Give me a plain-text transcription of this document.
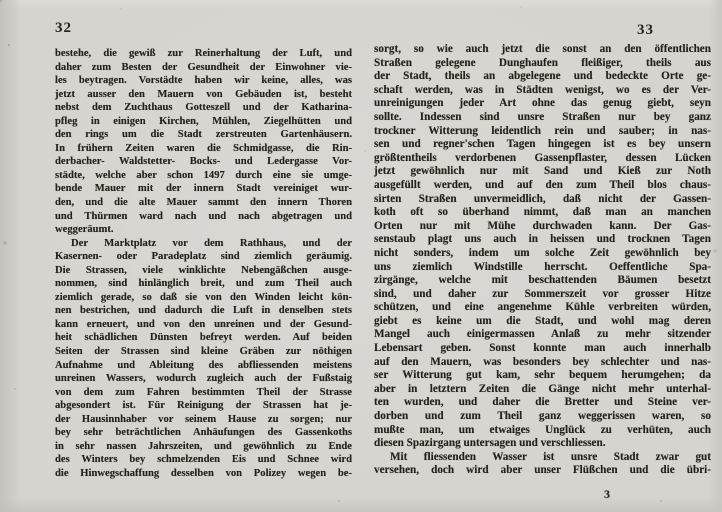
32
bestehe, die gewiß zur Reinerhaltung der Luft, und
daher zum Besten der Gesundheit der Einwohner vie-
les beytragen. Vorstädte haben wir keine, alles, was
jetzt ausser den Mauern von Gebäuden ist, besteht
nebst dem Zuchthaus Gotteszell und der Katharina-
pfleg in einigen Kirchen, Mühlen, Ziegelhütten und
den rings um die Stadt zerstreuten Gartenhäusern.
In frühern Zeiten waren die Schmidgasse, die Rin-
derbacher- Waldstetter- Bocks- und Ledergasse Vor-
städte, welche aber schon 1497 durch eine sie umge-
bende Mauer mit der innern Stadt vereiniget wur-
den, und die alte Mauer sammt den innern Thoren
und Thürmen ward nach und nach abgetragen und
weggeräumt.
Der Marktplatz vor dem Rathhaus, und der
Kasernen- oder Paradeplatz sind ziemlich geräumig.
Die Strassen, viele winklichte Nebengäßchen ausge-
nommen, sind hinlänglich breit, und zum Theil auch
ziemlich gerade, so daß sie von den Winden leicht kön-
nen bestrichen, und dadurch die Luft in denselben stets
kann erneuert, und von den unreinen und der Gesund-
heit schädlichen Dünsten befreyt werden. Auf beiden
Seiten der Strassen sind kleine Gräben zur nöthigen
Aufnahme und Ableitung des abfliessenden meistens
unreinen Wassers, wodurch zugleich auch der Fußstaig
von dem zum Fahren bestimmten Theil der Strasse
abgesondert ist. Für Reinigung der Strassen hat je-
der Hausinnhaber vor seinem Hause zu sorgen; nur
bey sehr beträchtlichen Anhäufungen des Gassenkoths
in sehr nassen Jahrszeiten, und gewöhnlich zu Ende
des Winters bey schmelzenden Eis und Schnee wird
die Hinwegschaffung desselben von Polizey wegen be-
33
sorgt, so wie auch jetzt die sonst an den öffentlichen
Straßen gelegene Dunghaufen fleißiger, theils aus
der Stadt, theils an abgelegene und bedeckte Orte ge-
schaft werden, was in Städten wenigst, wo es der Ver-
unreinigungen jeder Art ohne das genug giebt, seyn
sollte. Indessen sind unsre Straßen nur bey ganz
trockner Witterung leidentlich rein und sauber; in nas-
sen und regner'schen Tagen hingegen ist es bey unsern
größtentheils verdorbenen Gassenpflaster, dessen Lücken
jetzt gewöhnlich nur mit Sand und Kieß zur Noth
ausgefüllt werden, und auf den zum Theil blos chaus-
sirten Straßen unvermeidlich, daß nicht der Gassen-
koth oft so überhand nimmt, daß man an manchen
Orten nur mit Mühe durchwaden kann. Der Gas-
senstaub plagt uns auch in heissen und trocknen Tagen
nicht sonders, indem um solche Zeit gewöhnlich bey
uns ziemlich Windstille herrscht. Oeffentliche Spa-
zirgänge, welche mit beschattenden Bäumen besetzt
sind, und daher zur Sommerszeit vor grosser Hitze
schützen, und eine angenehme Kühle verbreiten würden,
giebt es keine um die Stadt, und wohl mag deren
Mangel auch einigermassen Anlaß zu mehr sitzender
Lebensart geben. Sonst konnte man auch innerhalb
auf den Mauern, was besonders bey schlechter und nas-
ser Witterung gut kam, sehr bequem herumgehen; da
aber in letztern Zeiten die Gänge nicht mehr unterhal-
ten wurden, und daher die Bretter und Steine ver-
dorben und zum Theil ganz weggerissen waren, so
mußte man, um etwaiges Unglück zu verhüten, auch
diesen Spazirgang untersagen und verschliessen.
Mit fliessenden Wasser ist unsre Stadt zwar gut
versehen, doch wird aber unser Flüßchen und die übri-
3
